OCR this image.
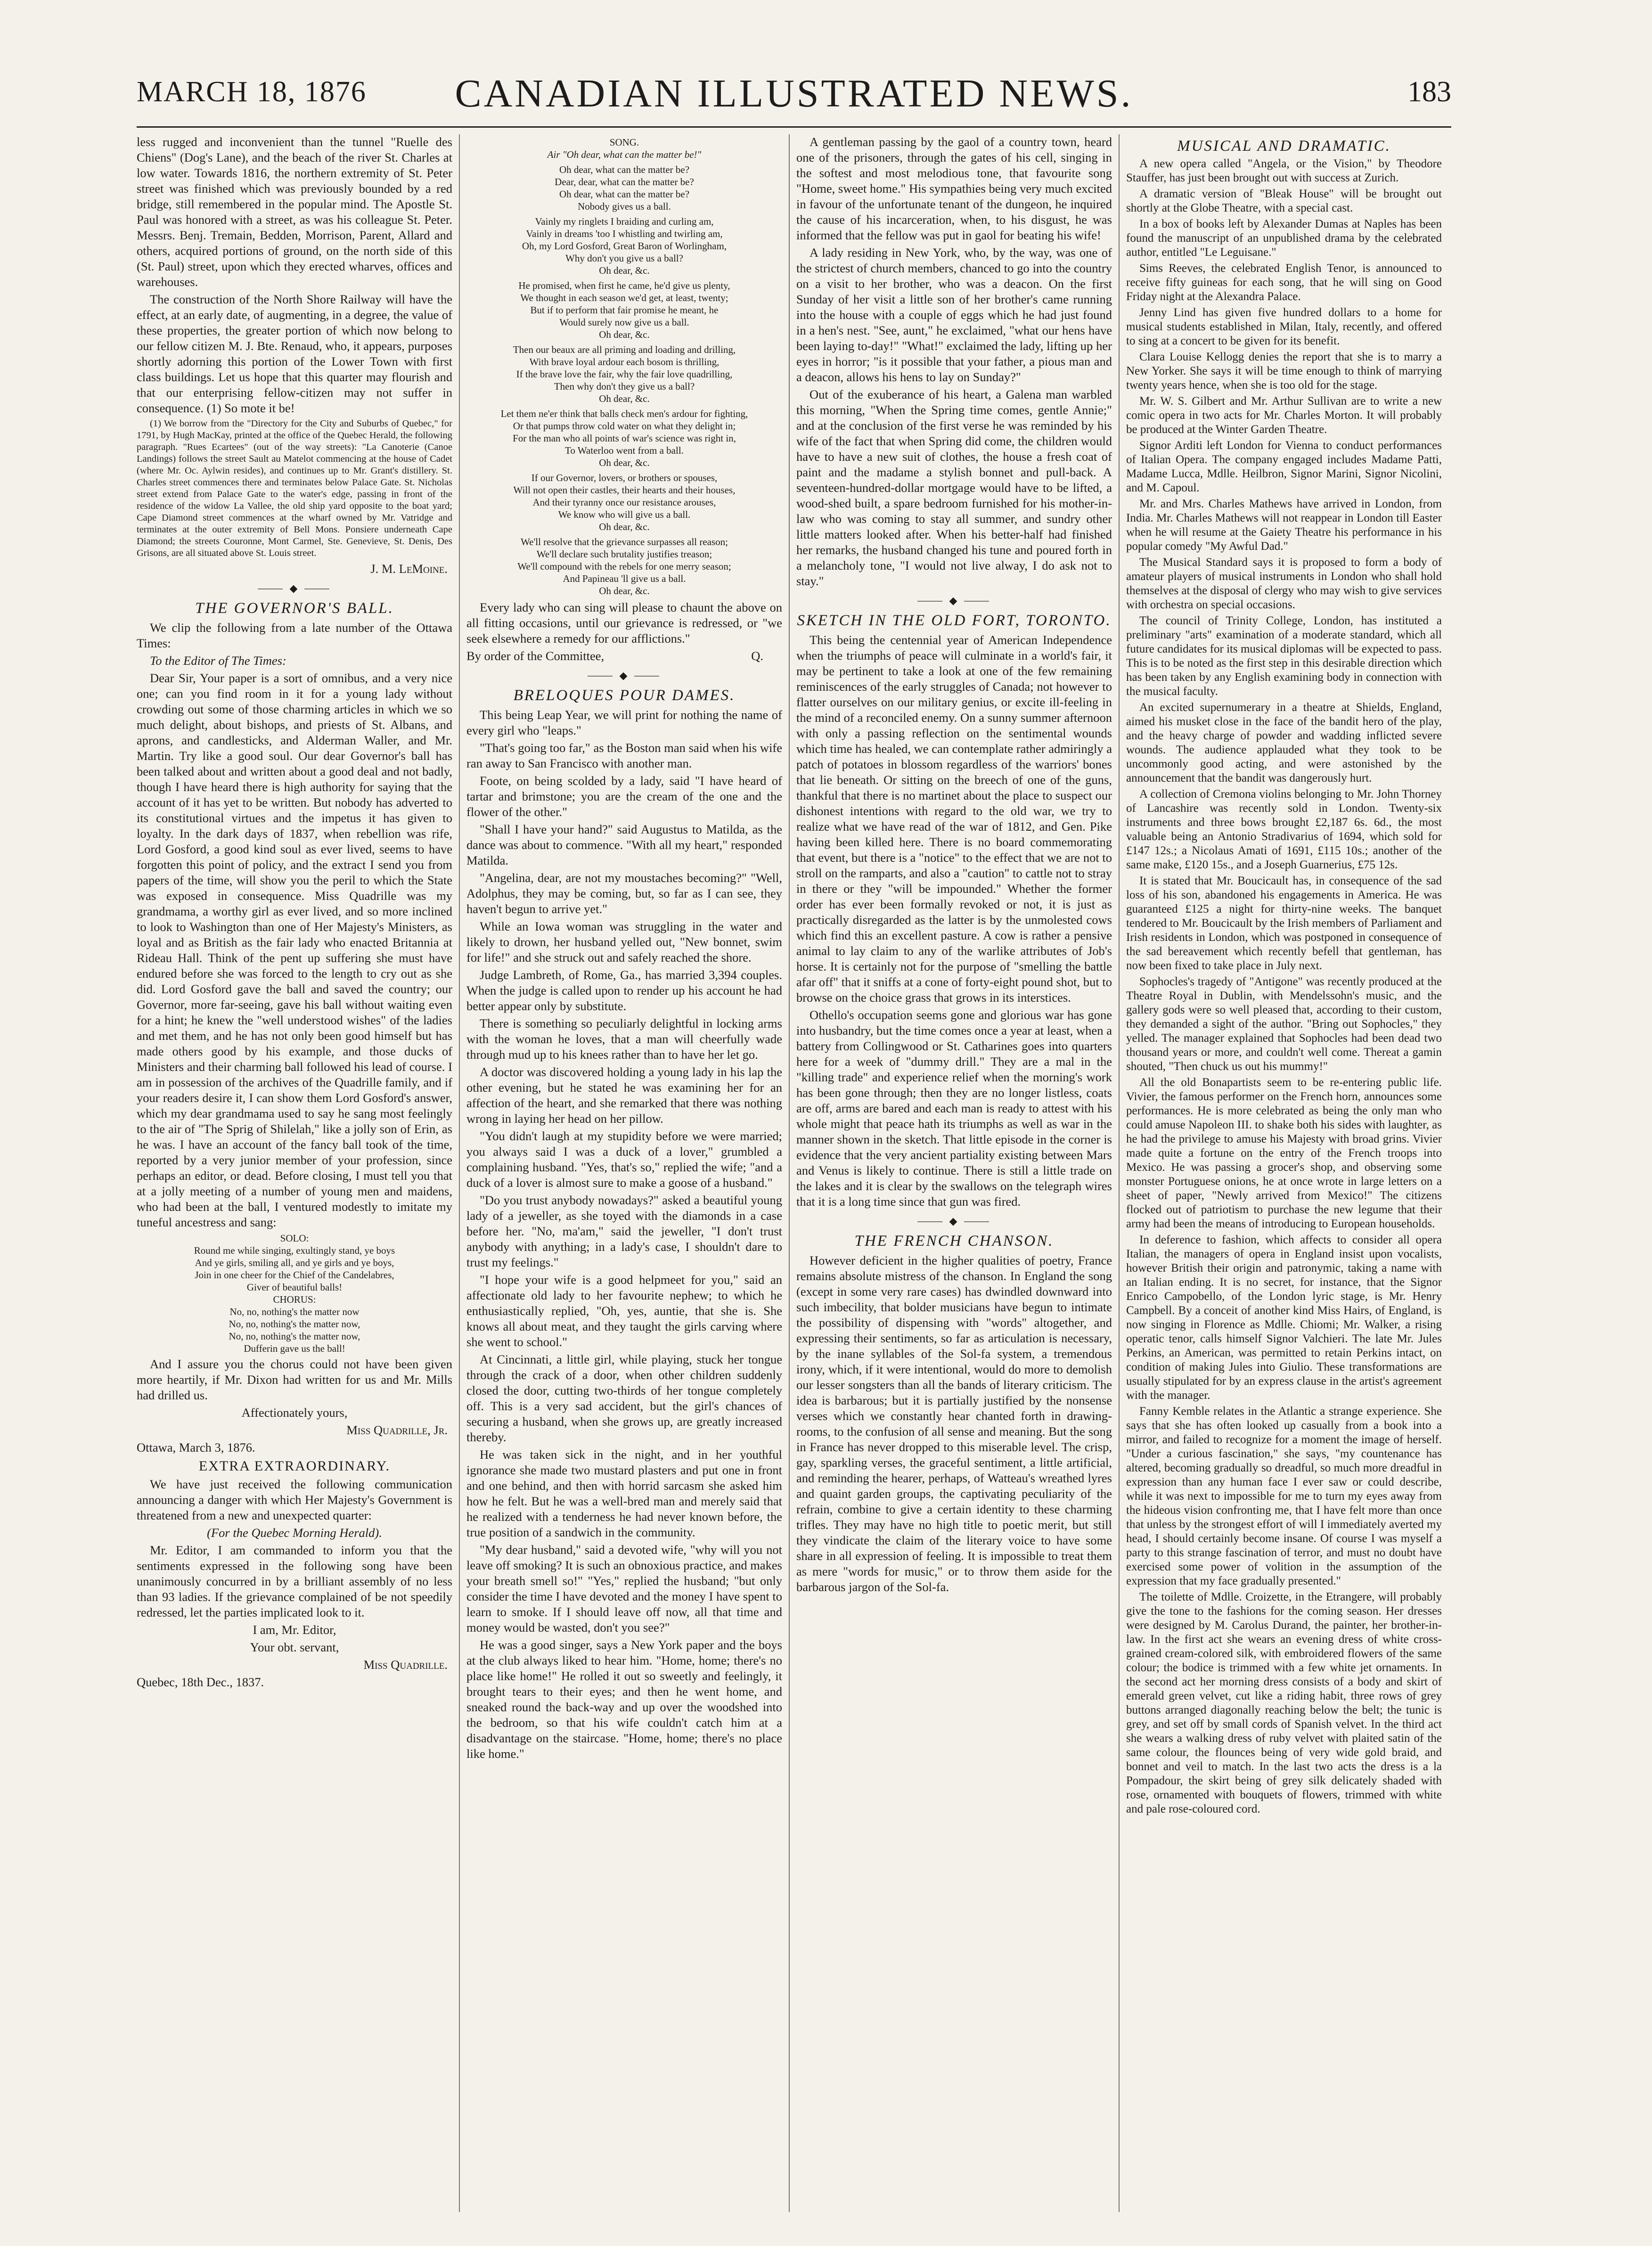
MARCH 18, 1876	CANADIAN ILLUSTRATED NEWS.	183

less rugged and inconvenient than the tunnel "Ruelle des Chiens" (Dog's Lane), and the beach of the river St. Charles at low water. Towards 1816, the northern extremity of St. Peter street was finished which was previously bounded by a red bridge, still remembered in the popular mind. The Apostle St. Paul was honored with a street, as was his colleague St. Peter. Messrs. Benj. Tremain, Bedden, Morrison, Parent, Allard and others, acquired portions of ground, on the north side of this (St. Paul) street, upon which they erected wharves, offices and warehouses.

The construction of the North Shore Railway will have the effect, at an early date, of augmenting, in a degree, the value of these properties, the greater portion of which now belong to our fellow citizen M. J. Bte. Renaud, who, it appears, purposes shortly adorning this portion of the Lower Town with first class buildings. Let us hope that this quarter may flourish and that our enterprising fellow-citizen may not suffer in consequence. (1) So mote it be!

(1) We borrow from the "Directory for the City and Suburbs of Quebec," for 1791, by Hugh MacKay, printed at the office of the Quebec Herald, the following paragraph. "Rues Ecartees" (out of the way streets): "La Canoterie (Canoe Landings) follows the street Sault au Matelot commencing at the house of Cadet (where Mr. Oc. Aylwin resides), and continues up to Mr. Grant's distillery. St. Charles street commences there and terminates below Palace Gate. St. Nicholas street extend from Palace Gate to the water's edge, passing in front of the residence of the widow La Vallee, the old ship yard opposite to the boat yard; Cape Diamond street commences at the wharf owned by Mr. Vatridge and terminates at the outer extremity of Bell Mons. Ponsiere underneath Cape Diamond; the streets Couronne, Mont Carmel, Ste. Genevieve, St. Denis, Des Grisons, are all situated above St. Louis street.

J. M. LeMoine.

⸻ ◆ ⸻
THE GOVERNOR'S BALL.

We clip the following from a late number of the Ottawa Times:

To the Editor of The Times:

Dear Sir, Your paper is a sort of omnibus, and a very nice one; can you find room in it for a young lady without crowding out some of those charming articles in which we so much delight, about bishops, and priests of St. Albans, and aprons, and candlesticks, and Alderman Waller, and Mr. Martin. Try like a good soul. Our dear Governor's ball has been talked about and written about a good deal and not badly, though I have heard there is high authority for saying that the account of it has yet to be written. But nobody has adverted to its constitutional virtues and the impetus it has given to loyalty. In the dark days of 1837, when rebellion was rife, Lord Gosford, a good kind soul as ever lived, seems to have forgotten this point of policy, and the extract I send you from papers of the time, will show you the peril to which the State was exposed in consequence. Miss Quadrille was my grandmama, a worthy girl as ever lived, and so more inclined to look to Washington than one of Her Majesty's Ministers, as loyal and as British as the fair lady who enacted Britannia at Rideau Hall. Think of the pent up suffering she must have endured before she was forced to the length to cry out as she did. Lord Gosford gave the ball and saved the country; our Governor, more far-seeing, gave his ball without waiting even for a hint; he knew the "well understood wishes" of the ladies and met them, and he has not only been good himself but has made others good by his example, and those ducks of Ministers and their charming ball followed his lead of course. I am in possession of the archives of the Quadrille family, and if your readers desire it, I can show them Lord Gosford's answer, which my dear grandmama used to say he sang most feelingly to the air of "The Sprig of Shilelah," like a jolly son of Erin, as he was. I have an account of the fancy ball took of the time, reported by a very junior member of your profession, since perhaps an editor, or dead. Before closing, I must tell you that at a jolly meeting of a number of young men and maidens, who had been at the ball, I ventured modestly to imitate my tuneful ancestress and sang:

SOLO:
Round me while singing, exultingly stand, ye boys
And ye girls, smiling all, and ye girls and ye boys,
Join in one cheer for the Chief of the Candelabres,
Giver of beautiful balls!
CHORUS:
No, no, nothing's the matter now
No, no, nothing's the matter now,
No, no, nothing's the matter now,
Dufferin gave us the ball!

And I assure you the chorus could not have been given more heartily, if Mr. Dixon had written for us and Mr. Mills had drilled us.

Affectionately yours,

Miss Quadrille, Jr.

Ottawa, March 3, 1876.

EXTRA EXTRAORDINARY.

We have just received the following communication announcing a danger with which Her Majesty's Government is threatened from a new and unexpected quarter:

(For the Quebec Morning Herald).

Mr. Editor, I am commanded to inform you that the sentiments expressed in the following song have been unanimously concurred in by a brilliant assembly of no less than 93 ladies. If the grievance complained of be not speedily redressed, let the parties implicated look to it.

I am, Mr. Editor,

Your obt. servant,

Miss Quadrille.

Quebec, 18th Dec., 1837.

SONG.
Air "Oh dear, what can the matter be!"
Oh dear, what can the matter be?
Dear, dear, what can the matter be?
Oh dear, what can the matter be?
Nobody gives us a ball.
Vainly my ringlets I braiding and curling am,
Vainly in dreams 'too I whistling and twirling am,
Oh, my Lord Gosford, Great Baron of Worlingham,
Why don't you give us a ball?
Oh dear, &c.
He promised, when first he came, he'd give us plenty,
We thought in each season we'd get, at least, twenty;
But if to perform that fair promise he meant, he
Would surely now give us a ball.
Oh dear, &c.
Then our beaux are all priming and loading and drilling,
With brave loyal ardour each bosom is thrilling,
If the brave love the fair, why the fair love quadrilling,
Then why don't they give us a ball?
Oh dear, &c.
Let them ne'er think that balls check men's ardour for fighting,
Or that pumps throw cold water on what they delight in;
For the man who all points of war's science was right in,
To Waterloo went from a ball.
Oh dear, &c.
If our Governor, lovers, or brothers or spouses,
Will not open their castles, their hearts and their houses,
And their tyranny once our resistance arouses,
We know who will give us a ball.
Oh dear, &c.
We'll resolve that the grievance surpasses all reason;
We'll declare such brutality justifies treason;
We'll compound with the rebels for one merry season;
And Papineau 'll give us a ball.
Oh dear, &c.

Every lady who can sing will please to chaunt the above on all fitting occasions, until our grievance is redressed, or "we seek elsewhere a remedy for our afflictions."

By order of the Committee,	Q.

⸻ ◆ ⸻
BRELOQUES POUR DAMES.

This being Leap Year, we will print for nothing the name of every girl who "leaps."

"That's going too far," as the Boston man said when his wife ran away to San Francisco with another man.

Foote, on being scolded by a lady, said "I have heard of tartar and brimstone; you are the cream of the one and the flower of the other."

"Shall I have your hand?" said Augustus to Matilda, as the dance was about to commence. "With all my heart," responded Matilda.

"Angelina, dear, are not my moustaches becoming?" "Well, Adolphus, they may be coming, but, so far as I can see, they haven't begun to arrive yet."

While an Iowa woman was struggling in the water and likely to drown, her husband yelled out, "New bonnet, swim for life!" and she struck out and safely reached the shore.

Judge Lambreth, of Rome, Ga., has married 3,394 couples. When the judge is called upon to render up his account he had better appear only by substitute.

There is something so peculiarly delightful in locking arms with the woman he loves, that a man will cheerfully wade through mud up to his knees rather than to have her let go.

A doctor was discovered holding a young lady in his lap the other evening, but he stated he was examining her for an affection of the heart, and she remarked that there was nothing wrong in laying her head on her pillow.

"You didn't laugh at my stupidity before we were married; you always said I was a duck of a lover," grumbled a complaining husband. "Yes, that's so," replied the wife; "and a duck of a lover is almost sure to make a goose of a husband."

"Do you trust anybody nowadays?" asked a beautiful young lady of a jeweller, as she toyed with the diamonds in a case before her. "No, ma'am," said the jeweller, "I don't trust anybody with anything; in a lady's case, I shouldn't dare to trust my feelings."

"I hope your wife is a good helpmeet for you," said an affectionate old lady to her favourite nephew; to which he enthusiastically replied, "Oh, yes, auntie, that she is. She knows all about meat, and they taught the girls carving where she went to school."

At Cincinnati, a little girl, while playing, stuck her tongue through the crack of a door, when other children suddenly closed the door, cutting two-thirds of her tongue completely off. This is a very sad accident, but the girl's chances of securing a husband, when she grows up, are greatly increased thereby.

He was taken sick in the night, and in her youthful ignorance she made two mustard plasters and put one in front and one behind, and then with horrid sarcasm she asked him how he felt. But he was a well-bred man and merely said that he realized with a tenderness he had never known before, the true position of a sandwich in the community.

"My dear husband," said a devoted wife, "why will you not leave off smoking? It is such an obnoxious practice, and makes your breath smell so!" "Yes," replied the husband; "but only consider the time I have devoted and the money I have spent to learn to smoke. If I should leave off now, all that time and money would be wasted, don't you see?"

He was a good singer, says a New York paper and the boys at the club always liked to hear him. "Home, home; there's no place like home!" He rolled it out so sweetly and feelingly, it brought tears to their eyes; and then he went home, and sneaked round the back-way and up over the woodshed into the bedroom, so that his wife couldn't catch him at a disadvantage on the staircase. "Home, home; there's no place like home."

A gentleman passing by the gaol of a country town, heard one of the prisoners, through the gates of his cell, singing in the softest and most melodious tone, that favourite song "Home, sweet home." His sympathies being very much excited in favour of the unfortunate tenant of the dungeon, he inquired the cause of his incarceration, when, to his disgust, he was informed that the fellow was put in gaol for beating his wife!

A lady residing in New York, who, by the way, was one of the strictest of church members, chanced to go into the country on a visit to her brother, who was a deacon. On the first Sunday of her visit a little son of her brother's came running into the house with a couple of eggs which he had just found in a hen's nest. "See, aunt," he exclaimed, "what our hens have been laying to-day!" "What!" exclaimed the lady, lifting up her eyes in horror; "is it possible that your father, a pious man and a deacon, allows his hens to lay on Sunday?"

Out of the exuberance of his heart, a Galena man warbled this morning, "When the Spring time comes, gentle Annie;" and at the conclusion of the first verse he was reminded by his wife of the fact that when Spring did come, the children would have to have a new suit of clothes, the house a fresh coat of paint and the madame a stylish bonnet and pull-back. A seventeen-hundred-dollar mortgage would have to be lifted, a wood-shed built, a spare bedroom furnished for his mother-in-law who was coming to stay all summer, and sundry other little matters looked after. When his better-half had finished her remarks, the husband changed his tune and poured forth in a melancholy tone, "I would not live alway, I do ask not to stay."

⸻ ◆ ⸻
SKETCH IN THE OLD FORT, TORONTO.

This being the centennial year of American Independence when the triumphs of peace will culminate in a world's fair, it may be pertinent to take a look at one of the few remaining reminiscences of the early struggles of Canada; not however to flatter ourselves on our military genius, or excite ill-feeling in the mind of a reconciled enemy. On a sunny summer afternoon with only a passing reflection on the sentimental wounds which time has healed, we can contemplate rather admiringly a patch of potatoes in blossom regardless of the warriors' bones that lie beneath. Or sitting on the breech of one of the guns, thankful that there is no martinet about the place to suspect our dishonest intentions with regard to the old war, we try to realize what we have read of the war of 1812, and Gen. Pike having been killed here. There is no board commemorating that event, but there is a "notice" to the effect that we are not to stroll on the ramparts, and also a "caution" to cattle not to stray in there or they "will be impounded." Whether the former order has ever been formally revoked or not, it is just as practically disregarded as the latter is by the unmolested cows which find this an excellent pasture. A cow is rather a pensive animal to lay claim to any of the warlike attributes of Job's horse. It is certainly not for the purpose of "smelling the battle afar off" that it sniffs at a cone of forty-eight pound shot, but to browse on the choice grass that grows in its interstices.

Othello's occupation seems gone and glorious war has gone into husbandry, but the time comes once a year at least, when a battery from Collingwood or St. Catharines goes into quarters here for a week of "dummy drill." They are a mal in the "killing trade" and experience relief when the morning's work has been gone through; then they are no longer listless, coats are off, arms are bared and each man is ready to attest with his whole might that peace hath its triumphs as well as war in the manner shown in the sketch. That little episode in the corner is evidence that the very ancient partiality existing between Mars and Venus is likely to continue. There is still a little trade on the lakes and it is clear by the swallows on the telegraph wires that it is a long time since that gun was fired.

⸻ ◆ ⸻
THE FRENCH CHANSON.

However deficient in the higher qualities of poetry, France remains absolute mistress of the chanson. In England the song (except in some very rare cases) has dwindled downward into such imbecility, that bolder musicians have begun to intimate the possibility of dispensing with "words" altogether, and expressing their sentiments, so far as articulation is necessary, by the inane syllables of the Sol-fa system, a tremendous irony, which, if it were intentional, would do more to demolish our lesser songsters than all the bands of literary criticism. The idea is barbarous; but it is partially justified by the nonsense verses which we constantly hear chanted forth in drawing-rooms, to the confusion of all sense and meaning. But the song in France has never dropped to this miserable level. The crisp, gay, sparkling verses, the graceful sentiment, a little artificial, and reminding the hearer, perhaps, of Watteau's wreathed lyres and quaint garden groups, the captivating peculiarity of the refrain, combine to give a certain identity to these charming trifles. They may have no high title to poetic merit, but still they vindicate the claim of the literary voice to have some share in all expression of feeling. It is impossible to treat them as mere "words for music," or to throw them aside for the barbarous jargon of the Sol-fa.

MUSICAL AND DRAMATIC.

A new opera called "Angela, or the Vision," by Theodore Stauffer, has just been brought out with success at Zurich.

A dramatic version of "Bleak House" will be brought out shortly at the Globe Theatre, with a special cast.

In a box of books left by Alexander Dumas at Naples has been found the manuscript of an unpublished drama by the celebrated author, entitled "Le Leguisane."

Sims Reeves, the celebrated English Tenor, is announced to receive fifty guineas for each song, that he will sing on Good Friday night at the Alexandra Palace.

Jenny Lind has given five hundred dollars to a home for musical students established in Milan, Italy, recently, and offered to sing at a concert to be given for its benefit.

Clara Louise Kellogg denies the report that she is to marry a New Yorker. She says it will be time enough to think of marrying twenty years hence, when she is too old for the stage.

Mr. W. S. Gilbert and Mr. Arthur Sullivan are to write a new comic opera in two acts for Mr. Charles Morton. It will probably be produced at the Winter Garden Theatre.

Signor Arditi left London for Vienna to conduct performances of Italian Opera. The company engaged includes Madame Patti, Madame Lucca, Mdlle. Heilbron, Signor Marini, Signor Nicolini, and M. Capoul.

Mr. and Mrs. Charles Mathews have arrived in London, from India. Mr. Charles Mathews will not reappear in London till Easter when he will resume at the Gaiety Theatre his performance in his popular comedy "My Awful Dad."

The Musical Standard says it is proposed to form a body of amateur players of musical instruments in London who shall hold themselves at the disposal of clergy who may wish to give services with orchestra on special occasions.

The council of Trinity College, London, has instituted a preliminary "arts" examination of a moderate standard, which all future candidates for its musical diplomas will be expected to pass. This is to be noted as the first step in this desirable direction which has been taken by any English examining body in connection with the musical faculty.

An excited supernumerary in a theatre at Shields, England, aimed his musket close in the face of the bandit hero of the play, and the heavy charge of powder and wadding inflicted severe wounds. The audience applauded what they took to be uncommonly good acting, and were astonished by the announcement that the bandit was dangerously hurt.

A collection of Cremona violins belonging to Mr. John Thorney of Lancashire was recently sold in London. Twenty-six instruments and three bows brought £2,187 6s. 6d., the most valuable being an Antonio Stradivarius of 1694, which sold for £147 12s.; a Nicolaus Amati of 1691, £115 10s.; another of the same make, £120 15s., and a Joseph Guarnerius, £75 12s.

It is stated that Mr. Boucicault has, in consequence of the sad loss of his son, abandoned his engagements in America. He was guaranteed £125 a night for thirty-nine weeks. The banquet tendered to Mr. Boucicault by the Irish members of Parliament and Irish residents in London, which was postponed in consequence of the sad bereavement which recently befell that gentleman, has now been fixed to take place in July next.

Sophocles's tragedy of "Antigone" was recently produced at the Theatre Royal in Dublin, with Mendelssohn's music, and the gallery gods were so well pleased that, according to their custom, they demanded a sight of the author. "Bring out Sophocles," they yelled. The manager explained that Sophocles had been dead two thousand years or more, and couldn't well come. Thereat a gamin shouted, "Then chuck us out his mummy!"

All the old Bonapartists seem to be re-entering public life. Vivier, the famous performer on the French horn, announces some performances. He is more celebrated as being the only man who could amuse Napoleon III. to shake both his sides with laughter, as he had the privilege to amuse his Majesty with broad grins. Vivier made quite a fortune on the entry of the French troops into Mexico. He was passing a grocer's shop, and observing some monster Portuguese onions, he at once wrote in large letters on a sheet of paper, "Newly arrived from Mexico!" The citizens flocked out of patriotism to purchase the new legume that their army had been the means of introducing to European households.

In deference to fashion, which affects to consider all opera Italian, the managers of opera in England insist upon vocalists, however British their origin and patronymic, taking a name with an Italian ending. It is no secret, for instance, that the Signor Enrico Campobello, of the London lyric stage, is Mr. Henry Campbell. By a conceit of another kind Miss Hairs, of England, is now singing in Florence as Mdlle. Chiomi; Mr. Walker, a rising operatic tenor, calls himself Signor Valchieri. The late Mr. Jules Perkins, an American, was permitted to retain Perkins intact, on condition of making Jules into Giulio. These transformations are usually stipulated for by an express clause in the artist's agreement with the manager.

Fanny Kemble relates in the Atlantic a strange experience. She says that she has often looked up casually from a book into a mirror, and failed to recognize for a moment the image of herself. "Under a curious fascination," she says, "my countenance has altered, becoming gradually so dreadful, so much more dreadful in expression than any human face I ever saw or could describe, while it was next to impossible for me to turn my eyes away from the hideous vision confronting me, that I have felt more than once that unless by the strongest effort of will I immediately averted my head, I should certainly become insane. Of course I was myself a party to this strange fascination of terror, and must no doubt have exercised some power of volition in the assumption of the expression that my face gradually presented."

The toilette of Mdlle. Croizette, in the Etrangere, will probably give the tone to the fashions for the coming season. Her dresses were designed by M. Carolus Durand, the painter, her brother-in-law. In the first act she wears an evening dress of white cross-grained cream-colored silk, with embroidered flowers of the same colour; the bodice is trimmed with a few white jet ornaments. In the second act her morning dress consists of a body and skirt of emerald green velvet, cut like a riding habit, three rows of grey buttons arranged diagonally reaching below the belt; the tunic is grey, and set off by small cords of Spanish velvet. In the third act she wears a walking dress of ruby velvet with plaited satin of the same colour, the flounces being of very wide gold braid, and bonnet and veil to match. In the last two acts the dress is a la Pompadour, the skirt being of grey silk delicately shaded with rose, ornamented with bouquets of flowers, trimmed with white and pale rose-coloured cord.
